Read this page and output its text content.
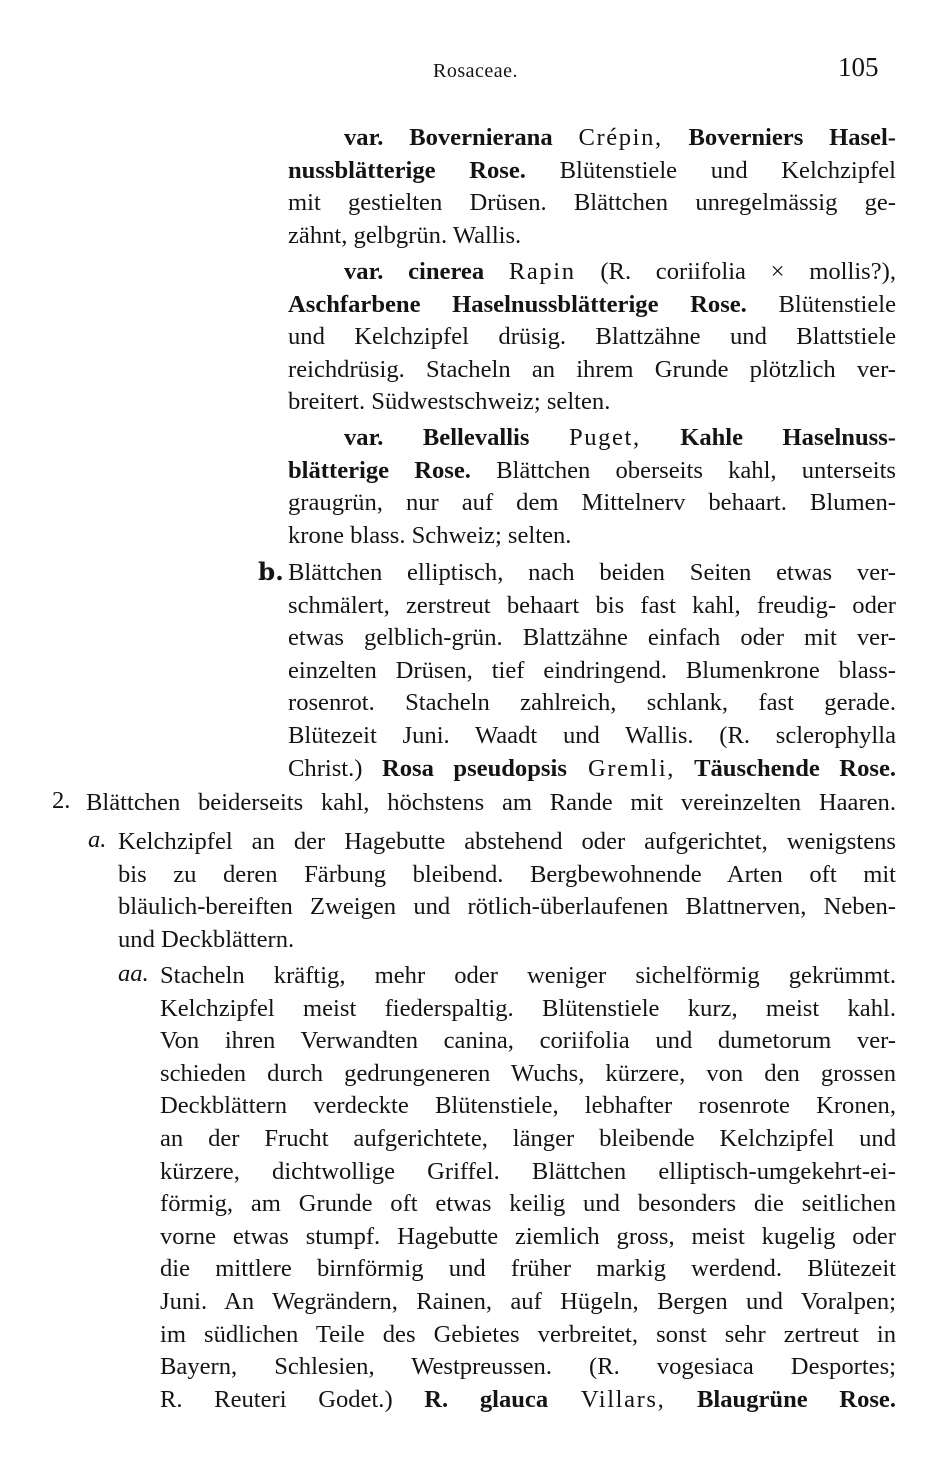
Rosaceae.	105
var. Bovernierana Crépin, Boverniers Hasel-
nussblätterige Rose. Blütenstiele und Kelchzipfel
mit gestielten Drüsen. Blättchen unregelmässig ge-
zähnt, gelbgrün. Wallis.
var. cinerea Rapin (R. coriifolia × mollis?),
Aschfarbene Haselnussblätterige Rose. Blütenstiele
und Kelchzipfel drüsig. Blattzähne und Blattstiele
reichdrüsig. Stacheln an ihrem Grunde plötzlich ver-
breitert. Südwestschweiz; selten.
var. Bellevallis Puget, Kahle Haselnuss-
blätterige Rose. Blättchen oberseits kahl, unterseits
graugrün, nur auf dem Mittelnerv behaart. Blumen-
krone blass. Schweiz; selten.
b. Blättchen elliptisch, nach beiden Seiten etwas ver-
schmälert, zerstreut behaart bis fast kahl, freudig- oder
etwas gelblich-grün. Blattzähne einfach oder mit ver-
einzelten Drüsen, tief eindringend. Blumenkrone blass-
rosenrot. Stacheln zahlreich, schlank, fast gerade.
Blütezeit Juni. Waadt und Wallis. (R. sclerophylla
Christ.) Rosa pseudopsis Gremli, Täuschende Rose.
2. Blättchen beiderseits kahl, höchstens am Rande mit vereinzelten Haaren.
a. Kelchzipfel an der Hagebutte abstehend oder aufgerichtet, wenigstens
bis zu deren Färbung bleibend. Bergbewohnende Arten oft mit
bläulich-bereiften Zweigen und rötlich-überlaufenen Blattnerven, Neben-
und Deckblättern.
aa. Stacheln kräftig, mehr oder weniger sichelförmig gekrümmt.
Kelchzipfel meist fiederspaltig. Blütenstiele kurz, meist kahl.
Von ihren Verwandten canina, coriifolia und dumetorum ver-
schieden durch gedrungeneren Wuchs, kürzere, von den grossen
Deckblättern verdeckte Blütenstiele, lebhafter rosenrote Kronen,
an der Frucht aufgerichtete, länger bleibende Kelchzipfel und
kürzere, dichtwollige Griffel. Blättchen elliptisch-umgekehrt-ei-
förmig, am Grunde oft etwas keilig und besonders die seitlichen
vorne etwas stumpf. Hagebutte ziemlich gross, meist kugelig oder
die mittlere birnförmig und früher markig werdend. Blütezeit
Juni. An Wegrändern, Rainen, auf Hügeln, Bergen und Voralpen;
im südlichen Teile des Gebietes verbreitet, sonst sehr zertreut in
Bayern, Schlesien, Westpreussen. (R. vogesiaca Desportes;
R. Reuteri Godet.) R. glauca Villars, Blaugrüne Rose.
